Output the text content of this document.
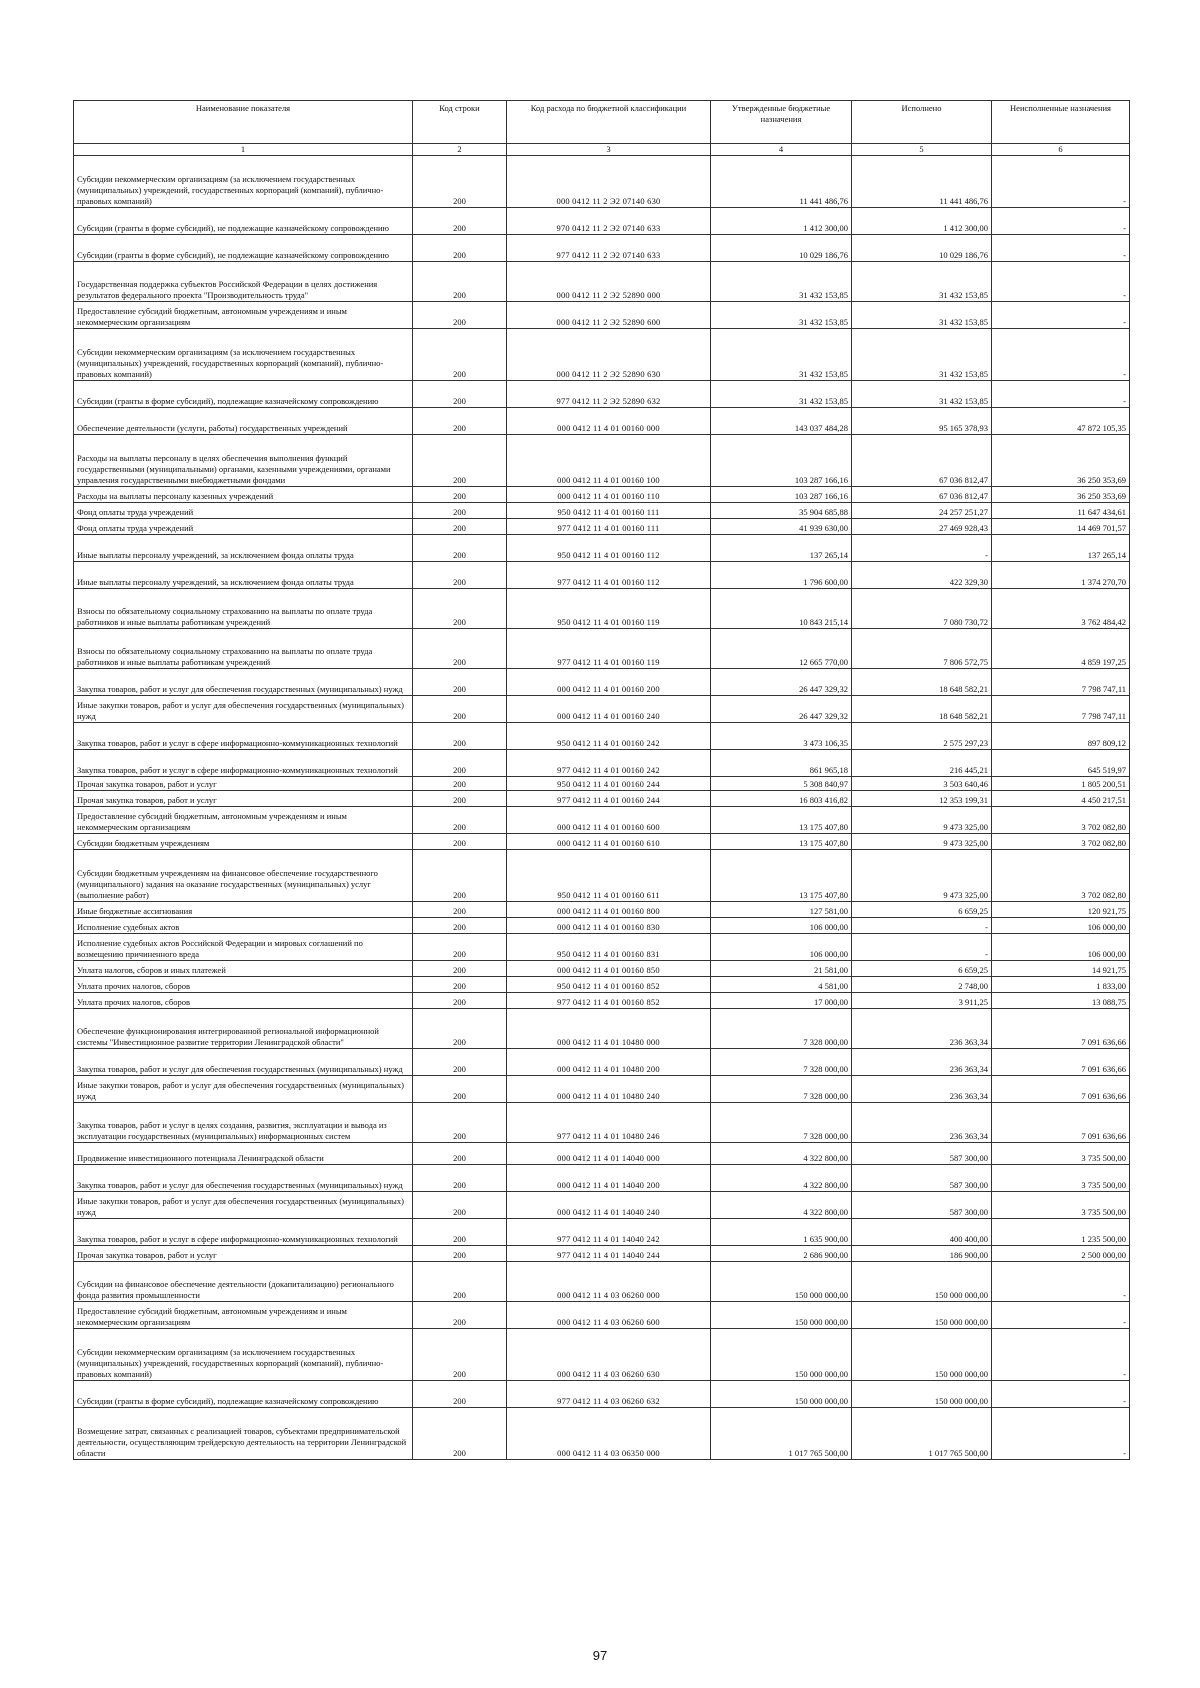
Наименование показателя	Код строки	Код расхода по бюджетной классификации	Утвержденные бюджетные назначения	Исполнено	Неисполненные назначения
1	2	3	4	5	6
Субсидии некоммерческим организациям (за исключением государственных (муниципальных) учреждений, государственных корпораций (компаний), публично-правовых компаний)	200	000 0412 11 2 Э2 07140 630	11 441 486,76	11 441 486,76	-
Субсидии (гранты в форме субсидий), не подлежащие казначейскому сопровождению	200	970 0412 11 2 Э2 07140 633	1 412 300,00	1 412 300,00	-
Субсидии (гранты в форме субсидий), не подлежащие казначейскому сопровождению	200	977 0412 11 2 Э2 07140 633	10 029 186,76	10 029 186,76	-
Государственная поддержка субъектов Российской Федерации в целях достижения результатов федерального проекта "Производительность труда"	200	000 0412 11 2 Э2 52890 000	31 432 153,85	31 432 153,85	-
Предоставление субсидий бюджетным, автономным учреждениям и иным некоммерческим организациям	200	000 0412 11 2 Э2 52890 600	31 432 153,85	31 432 153,85	-
Субсидии некоммерческим организациям (за исключением государственных (муниципальных) учреждений, государственных корпораций (компаний), публично-правовых компаний)	200	000 0412 11 2 Э2 52890 630	31 432 153,85	31 432 153,85	-
Субсидии (гранты в форме субсидий), подлежащие казначейскому сопровождению	200	977 0412 11 2 Э2 52890 632	31 432 153,85	31 432 153,85	-
Обеспечение деятельности (услуги, работы) государственных учреждений	200	000 0412 11 4 01 00160 000	143 037 484,28	95 165 378,93	47 872 105,35
Расходы на выплаты персоналу в целях обеспечения выполнения функций государственными (муниципальными) органами, казенными учреждениями, органами управления государственными внебюджетными фондами	200	000 0412 11 4 01 00160 100	103 287 166,16	67 036 812,47	36 250 353,69
Расходы на выплаты персоналу казенных учреждений	200	000 0412 11 4 01 00160 110	103 287 166,16	67 036 812,47	36 250 353,69
Фонд оплаты труда учреждений	200	950 0412 11 4 01 00160 111	35 904 685,88	24 257 251,27	11 647 434,61
Фонд оплаты труда учреждений	200	977 0412 11 4 01 00160 111	41 939 630,00	27 469 928,43	14 469 701,57
Иные выплаты персоналу учреждений, за исключением фонда оплаты труда	200	950 0412 11 4 01 00160 112	137 265,14	-	137 265,14
Иные выплаты персоналу учреждений, за исключением фонда оплаты труда	200	977 0412 11 4 01 00160 112	1 796 600,00	422 329,30	1 374 270,70
Взносы по обязательному социальному страхованию на выплаты по оплате труда работников и иные выплаты работникам учреждений	200	950 0412 11 4 01 00160 119	10 843 215,14	7 080 730,72	3 762 484,42
Взносы по обязательному социальному страхованию на выплаты по оплате труда работников и иные выплаты работникам учреждений	200	977 0412 11 4 01 00160 119	12 665 770,00	7 806 572,75	4 859 197,25
Закупка товаров, работ и услуг для обеспечения государственных (муниципальных) нужд	200	000 0412 11 4 01 00160 200	26 447 329,32	18 648 582,21	7 798 747,11
Иные закупки товаров, работ и услуг для обеспечения государственных (муниципальных) нужд	200	000 0412 11 4 01 00160 240	26 447 329,32	18 648 582,21	7 798 747,11
Закупка товаров, работ и услуг в сфере информационно-коммуникационных технологий	200	950 0412 11 4 01 00160 242	3 473 106,35	2 575 297,23	897 809,12
Закупка товаров, работ и услуг в сфере информационно-коммуникационных технологий	200	977 0412 11 4 01 00160 242	861 965,18	216 445,21	645 519,97
Прочая закупка товаров, работ и услуг	200	950 0412 11 4 01 00160 244	5 308 840,97	3 503 640,46	1 805 200,51
Прочая закупка товаров, работ и услуг	200	977 0412 11 4 01 00160 244	16 803 416,82	12 353 199,31	4 450 217,51
Предоставление субсидий бюджетным, автономным учреждениям и иным некоммерческим организациям	200	000 0412 11 4 01 00160 600	13 175 407,80	9 473 325,00	3 702 082,80
Субсидии бюджетным учреждениям	200	000 0412 11 4 01 00160 610	13 175 407,80	9 473 325,00	3 702 082,80
Субсидии бюджетным учреждениям на финансовое обеспечение государственного (муниципального) задания на оказание государственных (муниципальных) услуг (выполнение работ)	200	950 0412 11 4 01 00160 611	13 175 407,80	9 473 325,00	3 702 082,80
Иные бюджетные ассигнования	200	000 0412 11 4 01 00160 800	127 581,00	6 659,25	120 921,75
Исполнение судебных актов	200	000 0412 11 4 01 00160 830	106 000,00	-	106 000,00
Исполнение судебных актов Российской Федерации и мировых соглашений по возмещению причиненного вреда	200	950 0412 11 4 01 00160 831	106 000,00	-	106 000,00
Уплата налогов, сборов и иных платежей	200	000 0412 11 4 01 00160 850	21 581,00	6 659,25	14 921,75
Уплата прочих налогов, сборов	200	950 0412 11 4 01 00160 852	4 581,00	2 748,00	1 833,00
Уплата прочих налогов, сборов	200	977 0412 11 4 01 00160 852	17 000,00	3 911,25	13 088,75
Обеспечение функционирования интегрированной региональной информационной системы "Инвестиционное развитие территории Ленинградской области"	200	000 0412 11 4 01 10480 000	7 328 000,00	236 363,34	7 091 636,66
Закупка товаров, работ и услуг для обеспечения государственных (муниципальных) нужд	200	000 0412 11 4 01 10480 200	7 328 000,00	236 363,34	7 091 636,66
Иные закупки товаров, работ и услуг для обеспечения государственных (муниципальных) нужд	200	000 0412 11 4 01 10480 240	7 328 000,00	236 363,34	7 091 636,66
Закупка товаров, работ и услуг в целях создания, развития, эксплуатации и вывода из эксплуатации государственных (муниципальных) информационных систем	200	977 0412 11 4 01 10480 246	7 328 000,00	236 363,34	7 091 636,66
Продвижение инвестиционного потенциала Ленинградской области	200	000 0412 11 4 01 14040 000	4 322 800,00	587 300,00	3 735 500,00
Закупка товаров, работ и услуг для обеспечения государственных (муниципальных) нужд	200	000 0412 11 4 01 14040 200	4 322 800,00	587 300,00	3 735 500,00
Иные закупки товаров, работ и услуг для обеспечения государственных (муниципальных) нужд	200	000 0412 11 4 01 14040 240	4 322 800,00	587 300,00	3 735 500,00
Закупка товаров, работ и услуг в сфере информационно-коммуникационных технологий	200	977 0412 11 4 01 14040 242	1 635 900,00	400 400,00	1 235 500,00
Прочая закупка товаров, работ и услуг	200	977 0412 11 4 01 14040 244	2 686 900,00	186 900,00	2 500 000,00
Субсидии на финансовое обеспечение деятельности (докапитализацию) регионального фонда развития промышленности	200	000 0412 11 4 03 06260 000	150 000 000,00	150 000 000,00	-
Предоставление субсидий бюджетным, автономным учреждениям и иным некоммерческим организациям	200	000 0412 11 4 03 06260 600	150 000 000,00	150 000 000,00	-
Субсидии некоммерческим организациям (за исключением государственных (муниципальных) учреждений, государственных корпораций (компаний), публично-правовых компаний)	200	000 0412 11 4 03 06260 630	150 000 000,00	150 000 000,00	-
Субсидии (гранты в форме субсидий), подлежащие казначейскому сопровождению	200	977 0412 11 4 03 06260 632	150 000 000,00	150 000 000,00	-
Возмещение затрат, связанных с реализацией товаров, субъектами предпринимательской деятельности, осуществляющим трейдерскую деятельность на территории Ленинградской области	200	000 0412 11 4 03 06350 000	1 017 765 500,00	1 017 765 500,00	-
97
